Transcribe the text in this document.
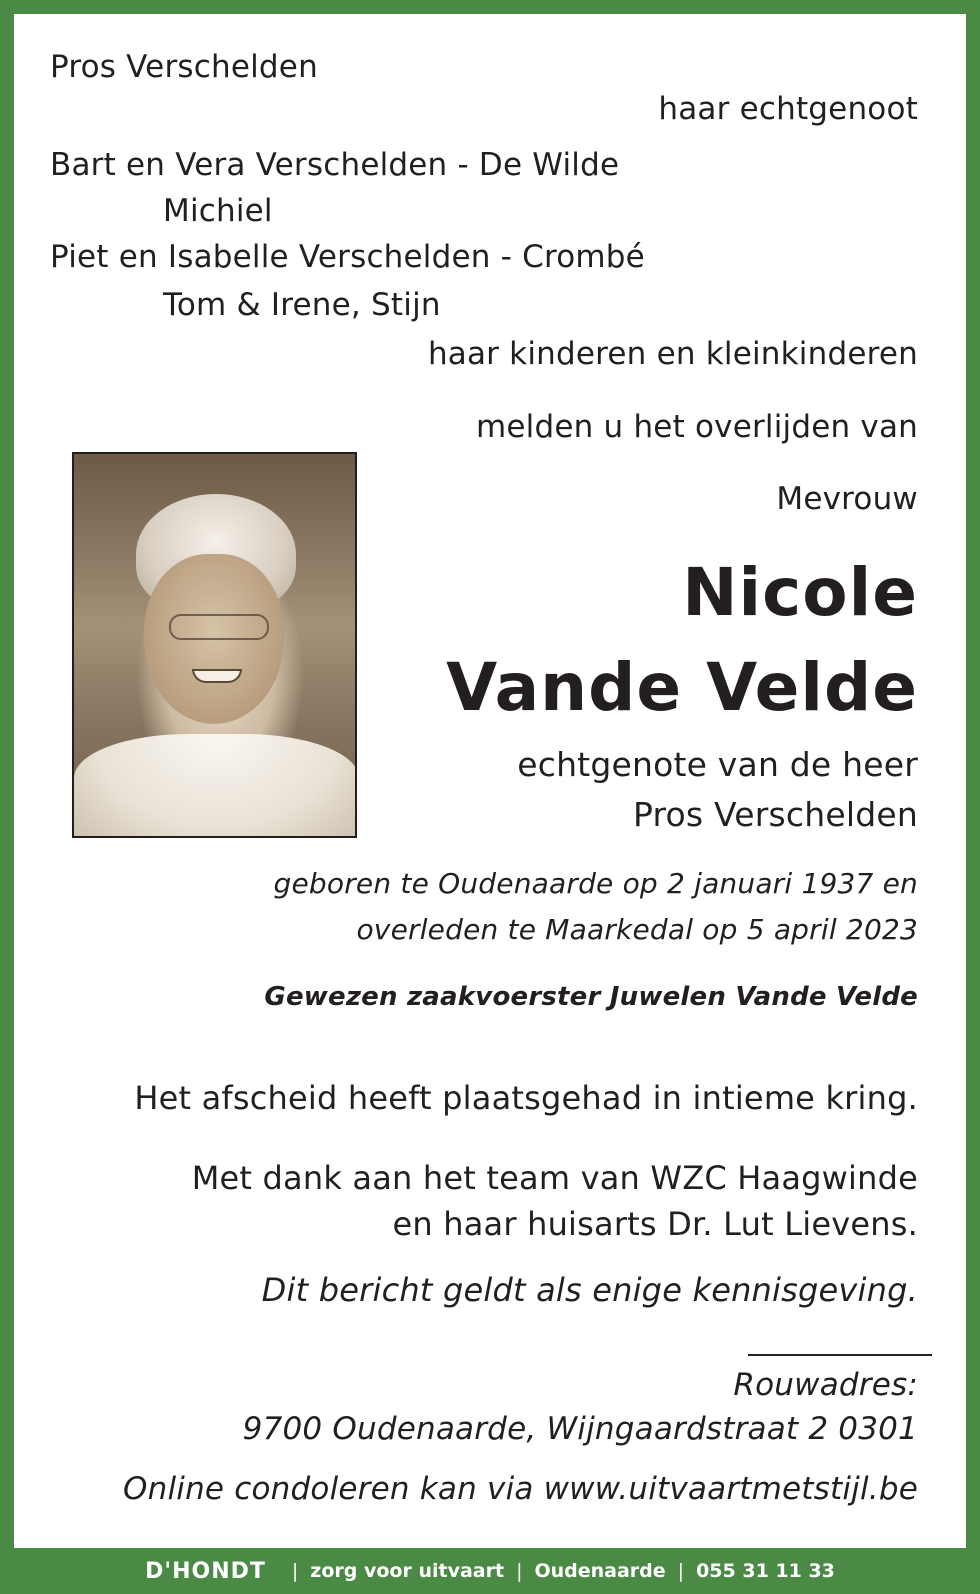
Pros Verschelden
haar echtgenoot
Bart en Vera Verschelden - De Wilde
Michiel
Piet en Isabelle Verschelden - Crombé
Tom & Irene, Stijn
haar kinderen en kleinkinderen
melden u het overlijden van
Mevrouw
Nicole
Vande Velde
echtgenote van de heer
Pros Verschelden
geboren te Oudenaarde op 2 januari 1937 en
overleden te Maarkedal op 5 april 2023
Gewezen zaakvoerster Juwelen Vande Velde
Het afscheid heeft plaatsgehad in intieme kring.
Met dank aan het team van WZC Haagwinde
en haar huisarts Dr. Lut Lievens.
Dit bericht geldt als enige kennisgeving.
Rouwadres:
9700 Oudenaarde, Wijngaardstraat 2 0301
Online condoleren kan via www.uitvaartmetstijl.be
D'HONDT | zorg voor uitvaart | Oudenaarde | 055 31 11 33
